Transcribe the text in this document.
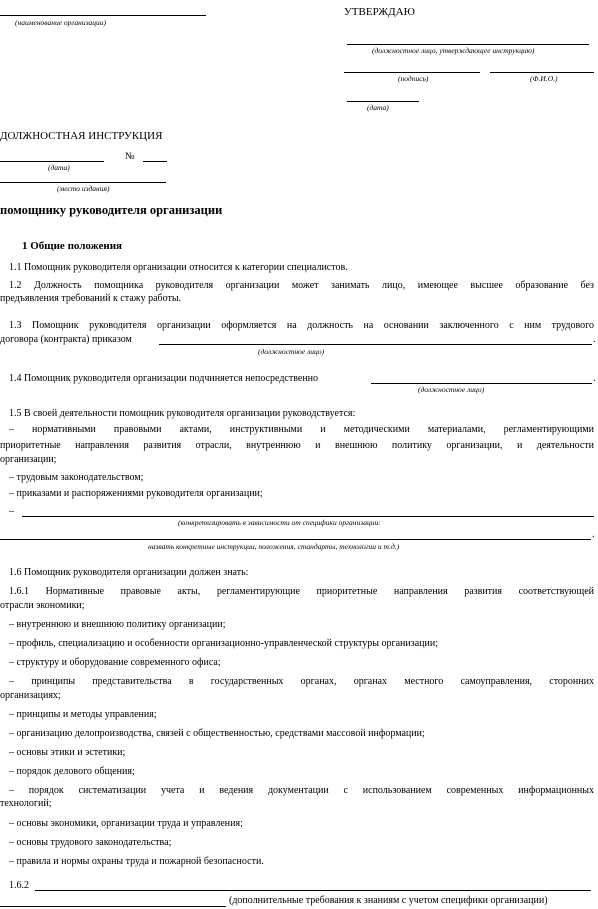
(наименование организации)
УТВЕРЖДАЮ
(должностное лицо, утверждающее инструкцию)
(подпись)	(Ф.И.О.)
(дата)
ДОЛЖНОСТНАЯ ИНСТРУКЦИЯ
№
(дата)
(место издания)
помощнику руководителя организации
1 Общие положения
1.1 Помощник руководителя организации относится к категории специалистов.
1.2 Должность помощника руководителя организации может занимать лицо, имеющее высшее образование без
предъявления требований к стажу работы.
1.3 Помощник руководителя организации оформляется на должность на основании заключенного с ним трудового
договора (контракта) приказом	.
(должностное лицо)
1.4 Помощник руководителя организации подчиняется непосредственно	.
(должностное лицо)
1.5 В своей деятельности помощник руководителя организации руководствуется:
– нормативными правовыми актами, инструктивными и методическими материалами, регламентирующими
приоритетные направления развития отрасли, внутреннюю и внешнюю политику организации, и деятельности
организации;
– трудовым законодательством;
– приказами и распоряжениями руководителя организации;
–
(конкретизировать в зависимости от специфики организации:
.
назвать конкретные инструкции, положения, стандарты, технологии и т.д.)
1.6 Помощник руководителя организации должен знать:
1.6.1 Нормативные правовые акты, регламентирующие приоритетные направления развития соответствующей
отрасли экономики;
– внутреннюю и внешнюю политику организации;
– профиль, специализацию и особенности организационно-управленческой структуры организации;
– структуру и оборудование современного офиса;
– принципы представительства в государственных органах, органах местного самоуправления, сторонних
организациях;
– принципы и методы управления;
– организацию делопроизводства, связей с общественностью, средствами массовой информации;
– основы этики и эстетики;
– порядок делового общения;
– порядок систематизации учета и ведения документации с использованием современных информационных
технологий;
– основы экономики, организации труда и управления;
– основы трудового законодательства;
– правила и нормы охраны труда и пожарной безопасности.
1.6.2
(дополнительные требования к знаниям с учетом специфики организации)
